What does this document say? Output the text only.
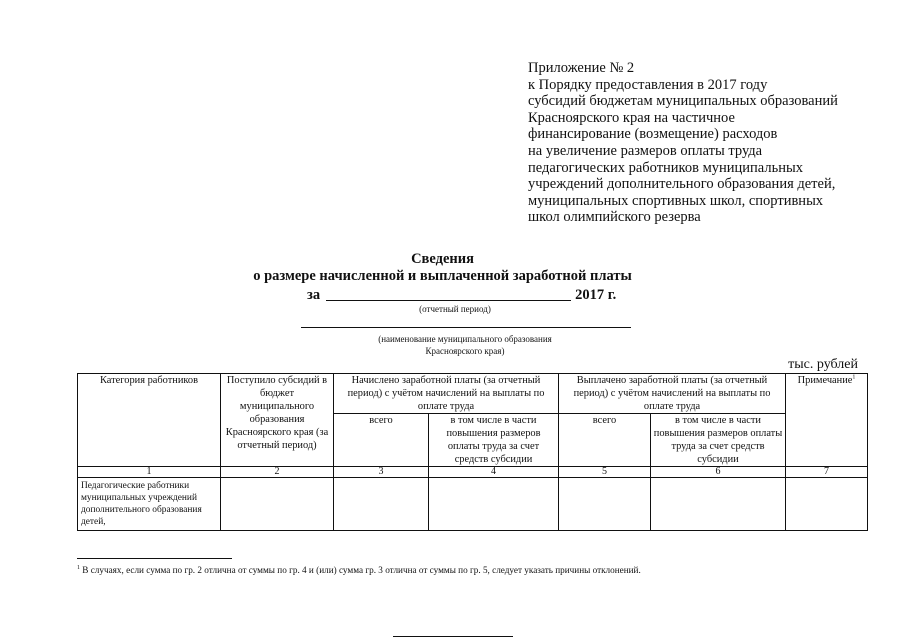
Приложение № 2
к Порядку предоставления в 2017 году
субсидий бюджетам муниципальных образований
Красноярского края на частичное
финансирование (возмещение) расходов
на увеличение размеров оплаты труда
педагогических работников муниципальных
учреждений дополнительного образования детей,
муниципальных спортивных школ, спортивных
школ олимпийского резерва
Сведения
о размере начисленной и выплаченной заработной платы
за	2017 г.
(отчетный период)
(наименование муниципального образования
Красноярского края)
тыс. рублей
Категория работников	Поступило субсидий в бюджет муниципального образования Красноярского края (за отчетный период)	Начислено заработной платы (за отчетный период) с учётом начислений на выплаты по оплате труда		Выплачено заработной платы (за отчетный период) с учётом начислений на выплаты по оплате труда		Примечание$^1$
		всего	в том числе в части повышения размеров оплаты труда за счет средств субсидии	всего	в том числе в части повышения размеров оплаты труда за счет средств субсидии	
1	2	3	4	5	6	7
Педагогические работники муниципальных учреждений дополнительного образования детей,						
$^1$ В случаях, если сумма по гр. 2 отлична от суммы по гр. 4 и (или) сумма гр. 3 отлична от суммы по гр. 5, следует указать причины отклонений.
